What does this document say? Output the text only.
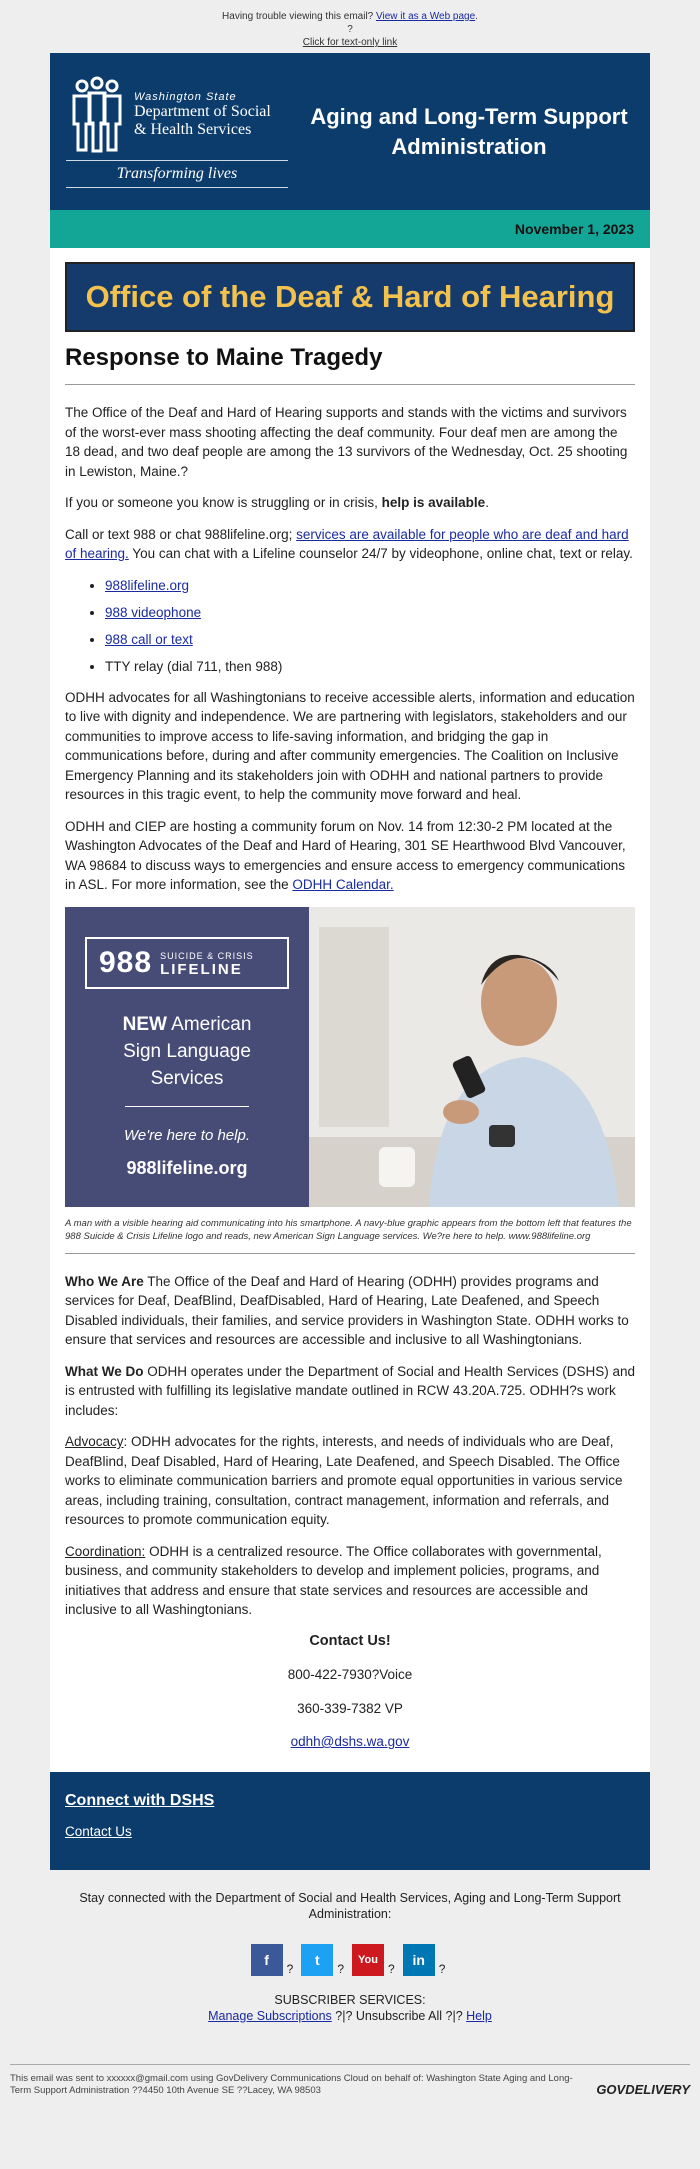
Having trouble viewing this email? View it as a Web page.
?
Click for text-only link
Washington State
Department of Social
& Health Services
Transforming lives
Aging and Long-Term Support
Administration
November 1, 2023
Office of the Deaf & Hard of Hearing
Response to Maine Tragedy

The Office of the Deaf and Hard of Hearing supports and stands with the victims and survivors of the worst-ever mass shooting affecting the deaf community. Four deaf men are among the 18 dead, and two deaf people are among the 13 survivors of the Wednesday, Oct. 25 shooting in Lewiston, Maine.?

If you or someone you know is struggling or in crisis, help is available.

Call or text 988 or chat 988lifeline.org; services are available for people who are deaf and hard of hearing. You can chat with a Lifeline counselor 24/7 by videophone, online chat, text or relay.

• 988lifeline.org
• 988 videophone
• 988 call or text
• TTY relay (dial 711, then 988)

ODHH advocates for all Washingtonians to receive accessible alerts, information and education to live with dignity and independence. We are partnering with legislators, stakeholders and our communities to improve access to life-saving information, and bridging the gap in communications before, during and after community emergencies. The Coalition on Inclusive Emergency Planning and its stakeholders join with ODHH and national partners to provide resources in this tragic event, to help the community move forward and heal.

ODHH and CIEP are hosting a community forum on Nov. 14 from 12:30-2 PM located at the Washington Advocates of the Deaf and Hard of Hearing, 301 SE Hearthwood Blvd Vancouver, WA 98684 to discuss ways to emergencies and ensure access to emergency communications in ASL. For more information, see the ODHH Calendar.

988 SUICIDE & CRISIS
LIFELINE
NEW American
Sign Language
Services
We're here to help.
988lifeline.org
A man with a visible hearing aid communicating into his smartphone. A navy-blue graphic appears from the bottom left that features the 988 Suicide & Crisis Lifeline logo and reads, new American Sign Language services. We?re here to help. www.988lifeline.org

Who We Are The Office of the Deaf and Hard of Hearing (ODHH) provides programs and services for Deaf, DeafBlind, DeafDisabled, Hard of Hearing, Late Deafened, and Speech Disabled individuals, their families, and service providers in Washington State. ODHH works to ensure that services and resources are accessible and inclusive to all Washingtonians.

What We Do ODHH operates under the Department of Social and Health Services (DSHS) and is entrusted with fulfilling its legislative mandate outlined in RCW 43.20A.725. ODHH?s work includes:

Advocacy: ODHH advocates for the rights, interests, and needs of individuals who are Deaf, DeafBlind, Deaf Disabled, Hard of Hearing, Late Deafened, and Speech Disabled. The Office works to eliminate communication barriers and promote equal opportunities in various service areas, including training, consultation, contract management, information and referrals, and resources to promote communication equity.

Coordination: ODHH is a centralized resource. The Office collaborates with governmental, business, and community stakeholders to develop and implement policies, programs, and initiatives that address and ensure that state services and resources are accessible and inclusive to all Washingtonians.

Contact Us!

800-422-7930?Voice

360-339-7382 VP

odhh@dshs.wa.gov

Connect with DSHS
Contact Us
Stay connected with the Department of Social and Health Services, Aging and Long-Term Support Administration:
f
?
t
?
You
?
in
?
SUBSCRIBER SERVICES:
Manage Subscriptions ?|? Unsubscribe All ?|? Help
This email was sent to xxxxxx@gmail.com using GovDelivery Communications Cloud on behalf of: Washington State Aging and Long-Term Support Administration ??4450 10th Avenue SE ??Lacey, WA 98503	GOVDELIVERY
